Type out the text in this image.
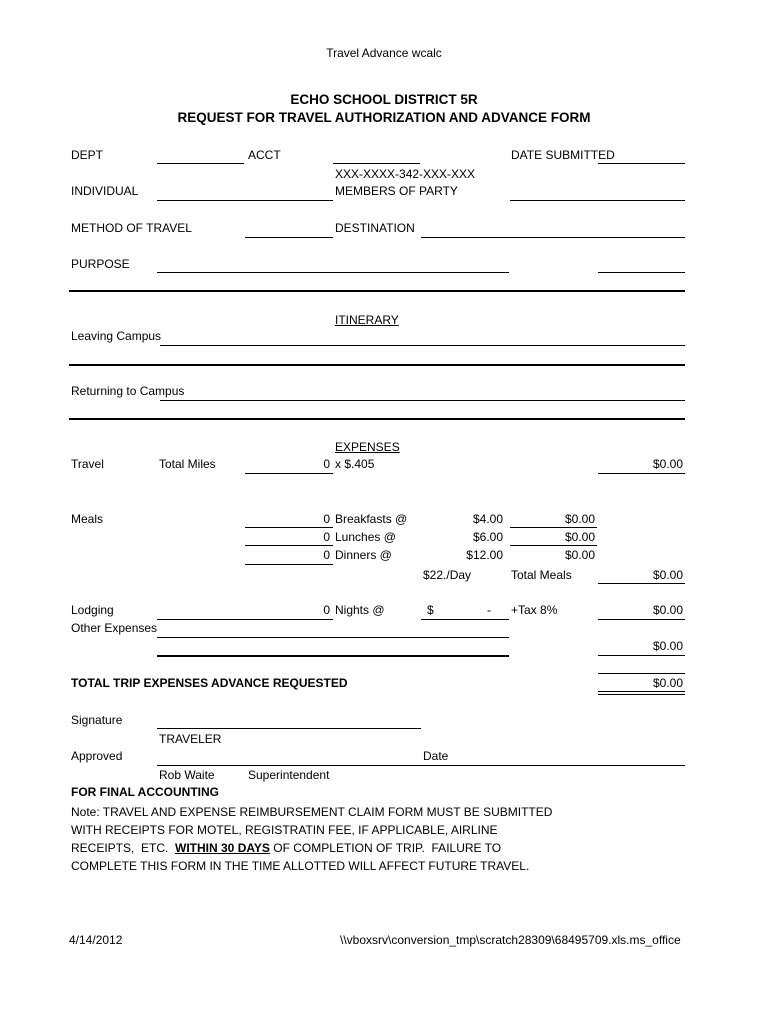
Travel Advance wcalc
ECHO SCHOOL DISTRICT 5R
REQUEST FOR TRAVEL AUTHORIZATION AND ADVANCE FORM
DEPT	ACCT	DATE SUBMITTED
XXX-XXXX-342-XXX-XXX
INDIVIDUAL	MEMBERS OF PARTY
METHOD OF TRAVEL	DESTINATION
PURPOSE
ITINERARY
Leaving Campus
Returning to Campus
EXPENSES
Travel	Total Miles	0 x $.405	$0.00
Meals	0 Breakfasts @	$4.00	$0.00
0 Lunches @	$6.00	$0.00
0 Dinners @	$12.00	$0.00
$22./Day	Total Meals	$0.00
Lodging	0 Nights @	$	- +Tax 8%	$0.00
Other Expenses
$0.00
TOTAL TRIP EXPENSES ADVANCE REQUESTED	$0.00
Signature
TRAVELER
Approved	Date
Rob Waite	Superintendent
FOR FINAL ACCOUNTING
Note: TRAVEL AND EXPENSE REIMBURSEMENT CLAIM FORM MUST BE SUBMITTED
WITH RECEIPTS FOR MOTEL, REGISTRATIN FEE, IF APPLICABLE, AIRLINE
RECEIPTS,  ETC.  WITHIN 30 DAYS OF COMPLETION OF TRIP.  FAILURE TO
COMPLETE THIS FORM IN THE TIME ALLOTTED WILL AFFECT FUTURE TRAVEL.
4/14/2012	\\vboxsrv\conversion_tmp\scratch28309\68495709.xls.ms_office
